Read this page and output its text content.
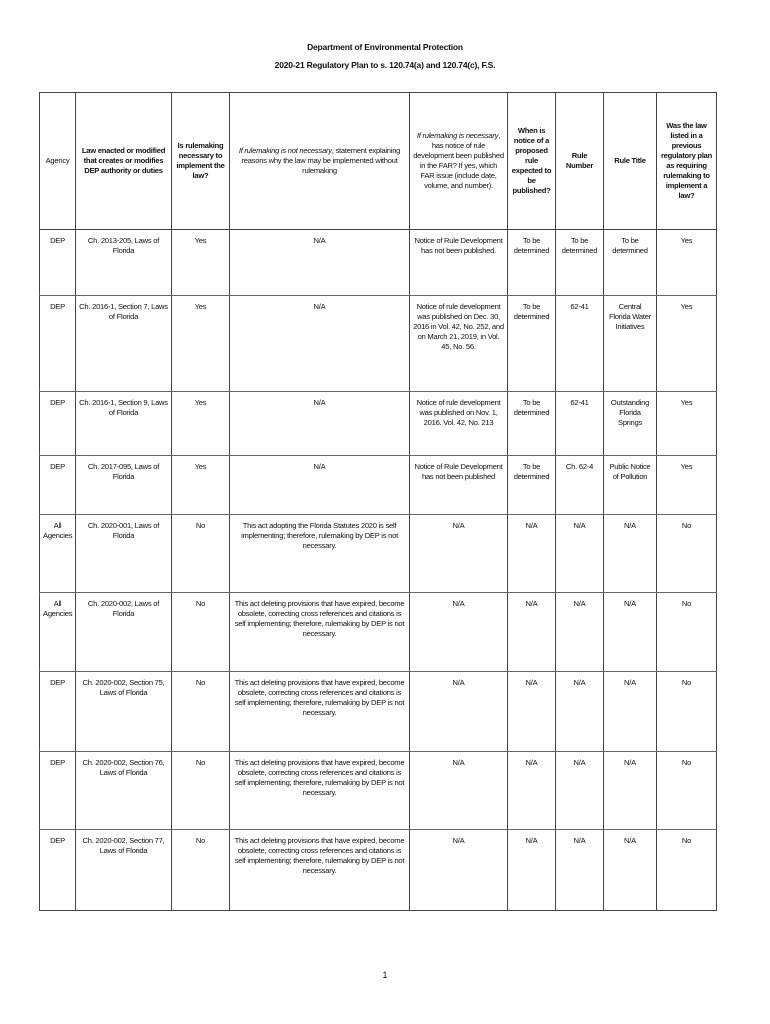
Department of Environmental Protection
2020-21 Regulatory Plan to s. 120.74(a) and 120.74(c), F.S.
Agency	Law enacted or modified that creates or modifies DEP authority or duties	Is rulemaking necessary to implement the law?	If rulemaking is not necessary, statement explaining reasons why the law may be implemented without rulemaking	If rulemaking is necessary, has notice of rule development been published in the FAR? If yes, which FAR issue (include date, volume, and number).	When is notice of a proposed rule expected to be published?	Rule Number	Rule Title	Was the law listed in a previous regulatory plan as requiring rulemaking to implement a law?
DEP	Ch. 2013-205, Laws of Florida	Yes	N/A	Notice of Rule Development has not been published.	To be determined	To be determined	To be determined	Yes
DEP	Ch. 2016-1, Section 7, Laws of Florida	Yes	N/A	Notice of rule development was published on Dec. 30, 2016 in Vol. 42, No. 252, and on March 21, 2019, in Vol. 45, No. 56.	To be determined	62-41	Central Florida Water Initiatives	Yes
DEP	Ch. 2016-1, Section 9, Laws of Florida	Yes	N/A	Notice of rule development was published on Nov. 1, 2016. Vol. 42, No. 213	To be determined	62-41	Outstanding Florida Springs	Yes
DEP	Ch. 2017-095, Laws of Florida	Yes	N/A	Notice of Rule Development has not been published	To be determined	Ch. 62-4	Public Notice of Pollution	Yes
All Agencies	Ch. 2020-001, Laws of Florida	No	This act adopting the Florida Statutes 2020 is self implementing; therefore, rulemaking by DEP is not necessary.	N/A	N/A	N/A	N/A	No
All Agencies	Ch. 2020-002, Laws of Florida	No	This act deleting provisions that have expired, become obsolete, correcting cross references and citations is self implementing; therefore, rulemaking by DEP is not necessary.	N/A	N/A	N/A	N/A	No
DEP	Ch. 2020-002, Section 75, Laws of Florida	No	This act deleting provisions that have expired, become obsolete, correcting cross references and citations is self implementing; therefore, rulemaking by DEP is not necessary.	N/A	N/A	N/A	N/A	No
DEP	Ch. 2020-002, Section 76, Laws of Florida	No	This act deleting provisions that have expired, become obsolete, correcting cross references and citations is self implementing; therefore, rulemaking by DEP is not necessary.	N/A	N/A	N/A	N/A	No
DEP	Ch. 2020-002, Section 77, Laws of Florida	No	This act deleting provisions that have expired, become obsolete, correcting cross references and citations is self implementing; therefore, rulemaking by DEP is not necessary.	N/A	N/A	N/A	N/A	No
1
